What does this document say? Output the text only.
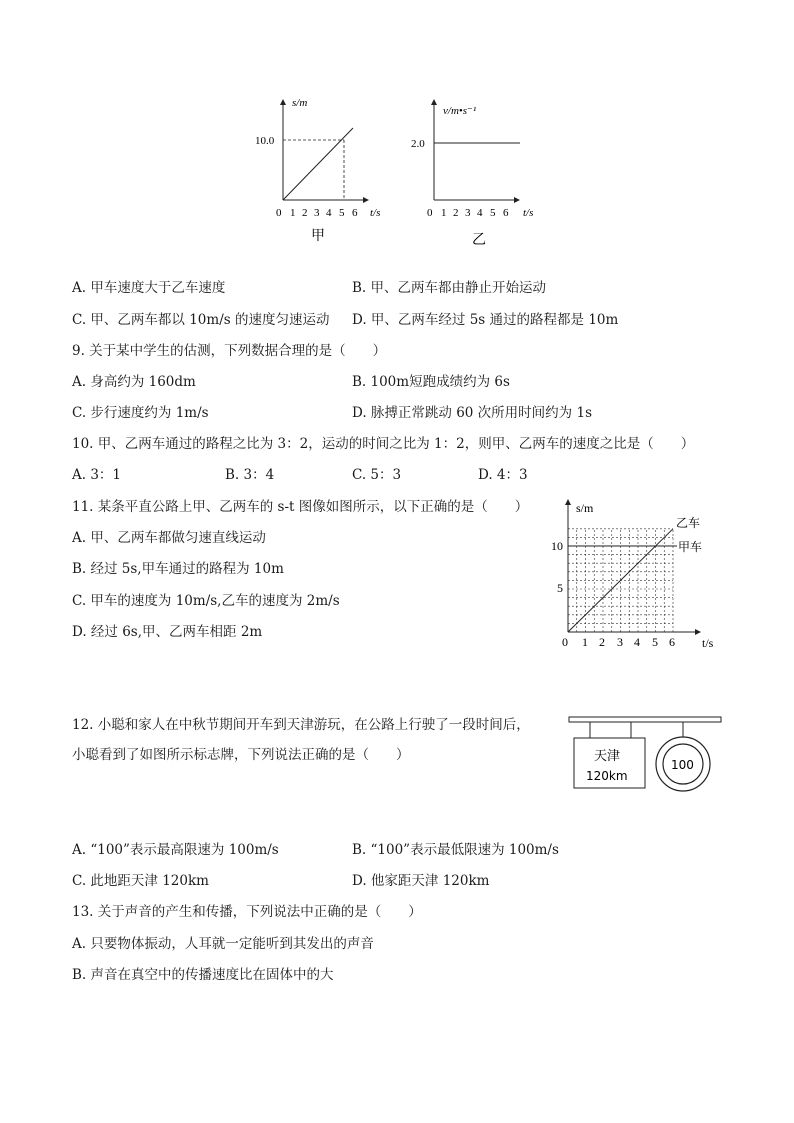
s/m
10.0
0 1 2 3 4 5 6 t/s
甲
v/m•s⁻¹
2.0
0 1 2 3 4 5 6 t/s
乙
A. 甲车速度大于乙车速度	B. 甲、乙两车都由静止开始运动
C. 甲、乙两车都以 10m/s 的速度匀速运动 D. 甲、乙两车经过 5s 通过的路程都是 10m
9. 关于某中学生的估测，下列数据合理的是（　　）
A. 身高约为 160dm	B. 100m短跑成绩约为 6s
C. 步行速度约为 1m/s	D. 脉搏正常跳动 60 次所用时间约为 1s
10. 甲、乙两车通过的路程之比为 3：2，运动的时间之比为 1：2，则甲、乙两车的速度之比是（　　）
A. 3：1	B. 3：4	C. 5：3	D. 4：3
11. 某条平直公路上甲、乙两车的 s-t 图像如图所示，以下正确的是（　　）
A. 甲、乙两车都做匀速直线运动
B. 经过 5s,甲车通过的路程为 10m
C. 甲车的速度为 10m/s,乙车的速度为 2m/s
D. 经过 6s,甲、乙两车相距 2m
s/m
10
5
0 1 2 3 4 5 6 t/s
乙车
甲车
12. 小聪和家人在中秋节期间开车到天津游玩，在公路上行驶了一段时间后，
小聪看到了如图所示标志牌，下列说法正确的是（　　）	天津
120km
100
A. “100”表示最高限速为 100m/s	B. “100”表示最低限速为 100m/s
C. 此地距天津 120km	D. 他家距天津 120km
13. 关于声音的产生和传播，下列说法中正确的是（　　）
A. 只要物体振动，人耳就一定能听到其发出的声音
B. 声音在真空中的传播速度比在固体中的大
